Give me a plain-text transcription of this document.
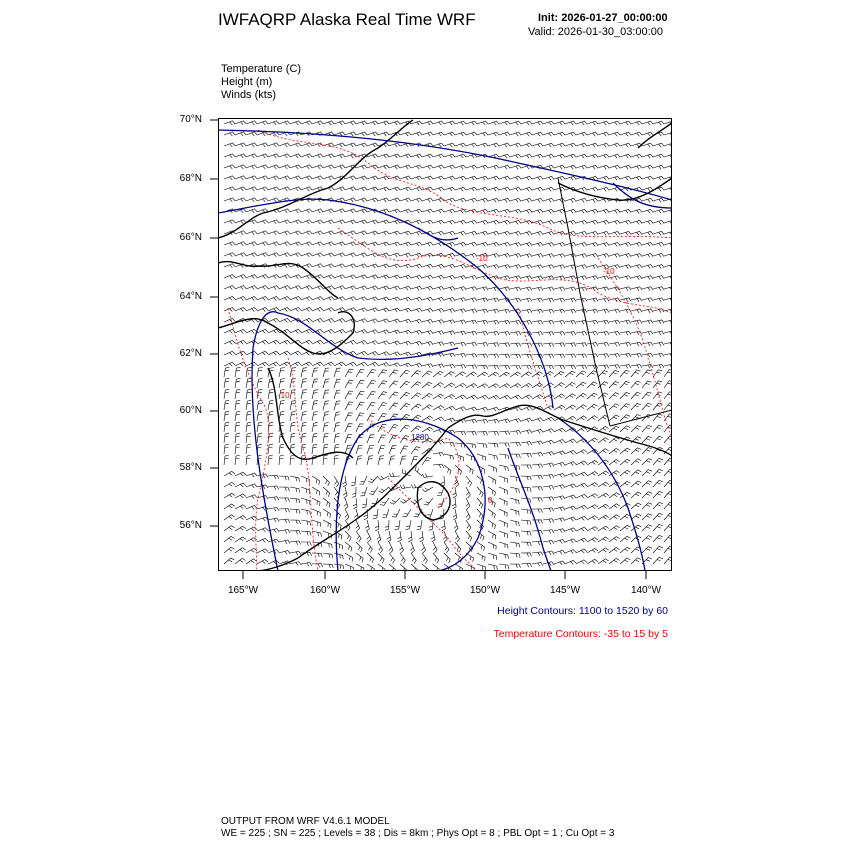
IWFAQRP Alaska Real Time WRF	Init: 2026-01-27_00:00:00
Valid: 2026-01-30_03:00:00
Temperature (C)
Height (m)
Winds (kts)
1280
-10
-10
-10
0
70°N
68°N
66°N
64°N
62°N
60°N
58°N
56°N
165°W	160°W	155°W	150°W	145°W	140°W
Height Contours: 1100 to 1520 by 60
Temperature Contours: -35 to 15 by 5
OUTPUT FROM WRF V4.6.1 MODEL
WE = 225 ; SN = 225 ; Levels = 38 ; Dis = 8km ; Phys Opt = 8 ; PBL Opt = 1 ; Cu Opt = 3
